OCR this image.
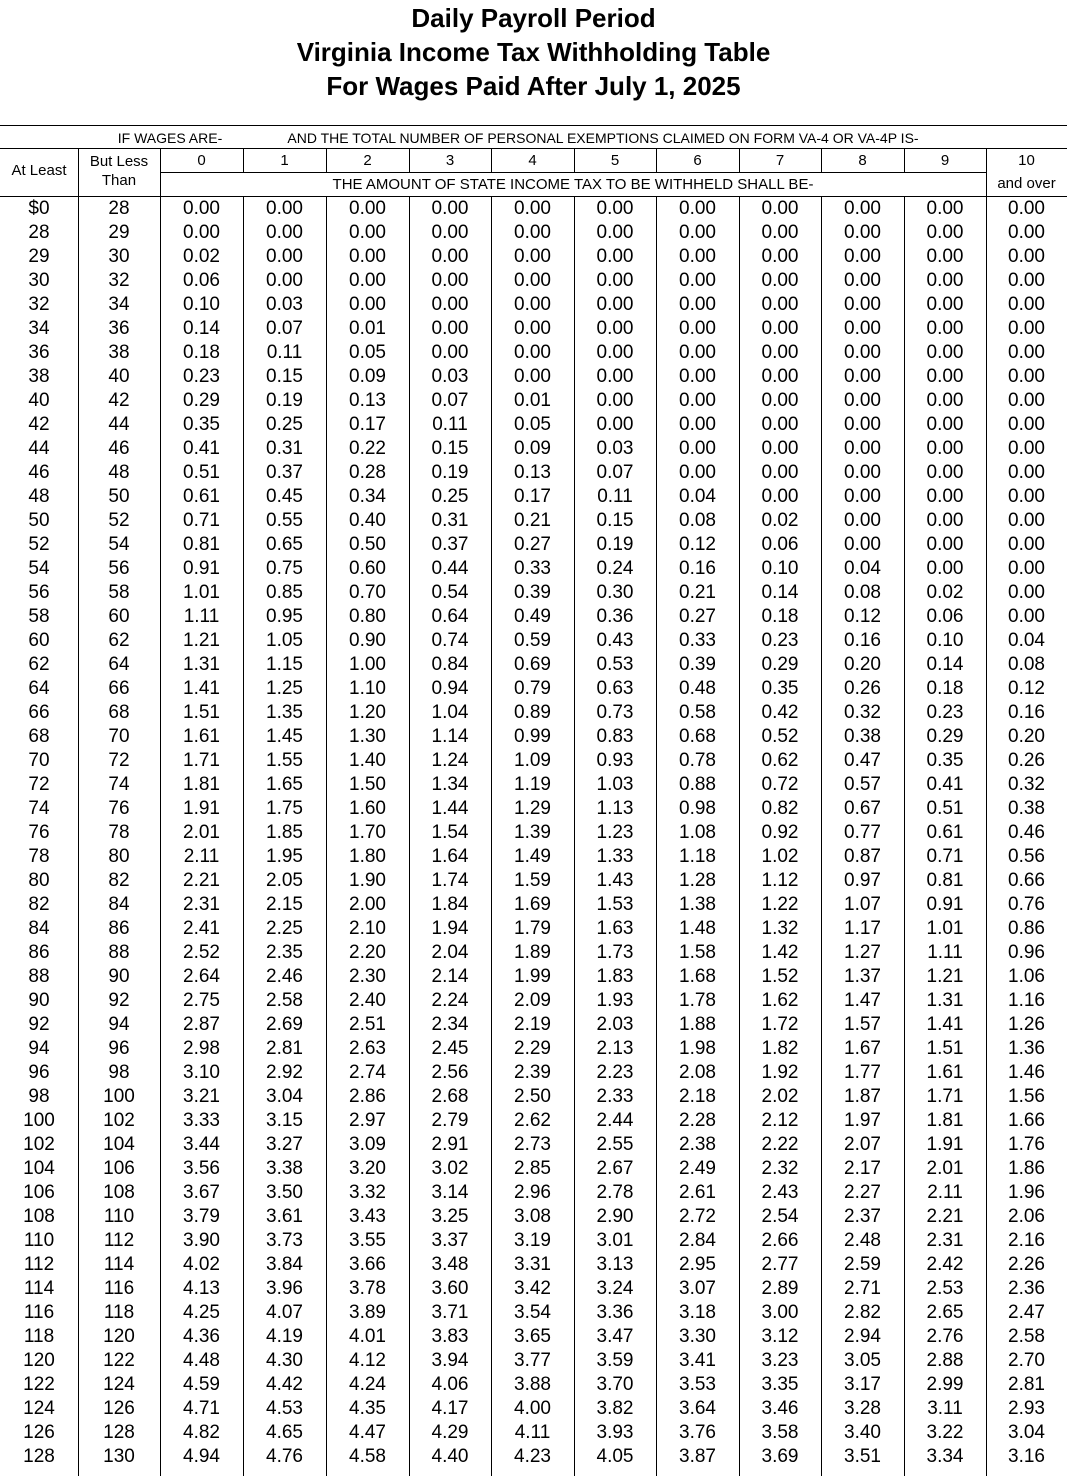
Daily Payroll Period
Virginia Income Tax Withholding Table
For Wages Paid After July 1, 2025
IF WAGES ARE-	AND THE TOTAL NUMBER OF PERSONAL EXEMPTIONS CLAIMED ON FORM VA-4 OR VA-4P IS-
At Least
But Less
Than
0	1	2	3	4	5	6	7	8	9	10
and over
THE AMOUNT OF STATE INCOME TAX TO BE WITHHELD SHALL BE-
$0	28	0.00	0.00	0.00	0.00	0.00	0.00	0.00	0.00	0.00	0.00	0.00
28	29	0.00	0.00	0.00	0.00	0.00	0.00	0.00	0.00	0.00	0.00	0.00
29	30	0.02	0.00	0.00	0.00	0.00	0.00	0.00	0.00	0.00	0.00	0.00
30	32	0.06	0.00	0.00	0.00	0.00	0.00	0.00	0.00	0.00	0.00	0.00
32	34	0.10	0.03	0.00	0.00	0.00	0.00	0.00	0.00	0.00	0.00	0.00
34	36	0.14	0.07	0.01	0.00	0.00	0.00	0.00	0.00	0.00	0.00	0.00
36	38	0.18	0.11	0.05	0.00	0.00	0.00	0.00	0.00	0.00	0.00	0.00
38	40	0.23	0.15	0.09	0.03	0.00	0.00	0.00	0.00	0.00	0.00	0.00
40	42	0.29	0.19	0.13	0.07	0.01	0.00	0.00	0.00	0.00	0.00	0.00
42	44	0.35	0.25	0.17	0.11	0.05	0.00	0.00	0.00	0.00	0.00	0.00
44	46	0.41	0.31	0.22	0.15	0.09	0.03	0.00	0.00	0.00	0.00	0.00
46	48	0.51	0.37	0.28	0.19	0.13	0.07	0.00	0.00	0.00	0.00	0.00
48	50	0.61	0.45	0.34	0.25	0.17	0.11	0.04	0.00	0.00	0.00	0.00
50	52	0.71	0.55	0.40	0.31	0.21	0.15	0.08	0.02	0.00	0.00	0.00
52	54	0.81	0.65	0.50	0.37	0.27	0.19	0.12	0.06	0.00	0.00	0.00
54	56	0.91	0.75	0.60	0.44	0.33	0.24	0.16	0.10	0.04	0.00	0.00
56	58	1.01	0.85	0.70	0.54	0.39	0.30	0.21	0.14	0.08	0.02	0.00
58	60	1.11	0.95	0.80	0.64	0.49	0.36	0.27	0.18	0.12	0.06	0.00
60	62	1.21	1.05	0.90	0.74	0.59	0.43	0.33	0.23	0.16	0.10	0.04
62	64	1.31	1.15	1.00	0.84	0.69	0.53	0.39	0.29	0.20	0.14	0.08
64	66	1.41	1.25	1.10	0.94	0.79	0.63	0.48	0.35	0.26	0.18	0.12
66	68	1.51	1.35	1.20	1.04	0.89	0.73	0.58	0.42	0.32	0.23	0.16
68	70	1.61	1.45	1.30	1.14	0.99	0.83	0.68	0.52	0.38	0.29	0.20
70	72	1.71	1.55	1.40	1.24	1.09	0.93	0.78	0.62	0.47	0.35	0.26
72	74	1.81	1.65	1.50	1.34	1.19	1.03	0.88	0.72	0.57	0.41	0.32
74	76	1.91	1.75	1.60	1.44	1.29	1.13	0.98	0.82	0.67	0.51	0.38
76	78	2.01	1.85	1.70	1.54	1.39	1.23	1.08	0.92	0.77	0.61	0.46
78	80	2.11	1.95	1.80	1.64	1.49	1.33	1.18	1.02	0.87	0.71	0.56
80	82	2.21	2.05	1.90	1.74	1.59	1.43	1.28	1.12	0.97	0.81	0.66
82	84	2.31	2.15	2.00	1.84	1.69	1.53	1.38	1.22	1.07	0.91	0.76
84	86	2.41	2.25	2.10	1.94	1.79	1.63	1.48	1.32	1.17	1.01	0.86
86	88	2.52	2.35	2.20	2.04	1.89	1.73	1.58	1.42	1.27	1.11	0.96
88	90	2.64	2.46	2.30	2.14	1.99	1.83	1.68	1.52	1.37	1.21	1.06
90	92	2.75	2.58	2.40	2.24	2.09	1.93	1.78	1.62	1.47	1.31	1.16
92	94	2.87	2.69	2.51	2.34	2.19	2.03	1.88	1.72	1.57	1.41	1.26
94	96	2.98	2.81	2.63	2.45	2.29	2.13	1.98	1.82	1.67	1.51	1.36
96	98	3.10	2.92	2.74	2.56	2.39	2.23	2.08	1.92	1.77	1.61	1.46
98	100	3.21	3.04	2.86	2.68	2.50	2.33	2.18	2.02	1.87	1.71	1.56
100	102	3.33	3.15	2.97	2.79	2.62	2.44	2.28	2.12	1.97	1.81	1.66
102	104	3.44	3.27	3.09	2.91	2.73	2.55	2.38	2.22	2.07	1.91	1.76
104	106	3.56	3.38	3.20	3.02	2.85	2.67	2.49	2.32	2.17	2.01	1.86
106	108	3.67	3.50	3.32	3.14	2.96	2.78	2.61	2.43	2.27	2.11	1.96
108	110	3.79	3.61	3.43	3.25	3.08	2.90	2.72	2.54	2.37	2.21	2.06
110	112	3.90	3.73	3.55	3.37	3.19	3.01	2.84	2.66	2.48	2.31	2.16
112	114	4.02	3.84	3.66	3.48	3.31	3.13	2.95	2.77	2.59	2.42	2.26
114	116	4.13	3.96	3.78	3.60	3.42	3.24	3.07	2.89	2.71	2.53	2.36
116	118	4.25	4.07	3.89	3.71	3.54	3.36	3.18	3.00	2.82	2.65	2.47
118	120	4.36	4.19	4.01	3.83	3.65	3.47	3.30	3.12	2.94	2.76	2.58
120	122	4.48	4.30	4.12	3.94	3.77	3.59	3.41	3.23	3.05	2.88	2.70
122	124	4.59	4.42	4.24	4.06	3.88	3.70	3.53	3.35	3.17	2.99	2.81
124	126	4.71	4.53	4.35	4.17	4.00	3.82	3.64	3.46	3.28	3.11	2.93
126	128	4.82	4.65	4.47	4.29	4.11	3.93	3.76	3.58	3.40	3.22	3.04
128	130	4.94	4.76	4.58	4.40	4.23	4.05	3.87	3.69	3.51	3.34	3.16
